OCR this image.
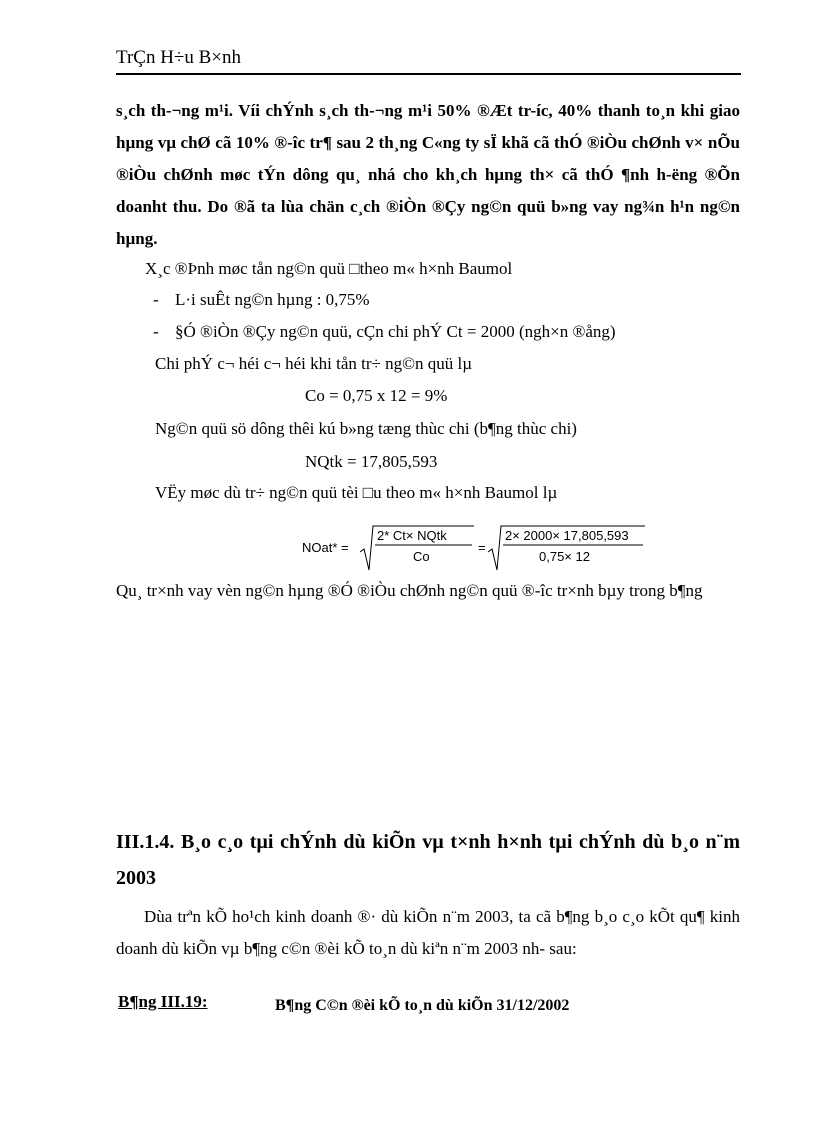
TrÇn H÷u B×nh

s¸ch th-¬ng m¹i. Víi chÝnh s¸ch th-¬ng m¹i 50% ®Æt tr-íc, 40% thanh to¸n khi giao hµng vµ chØ cã 10% ®-îc tr¶ sau 2 th¸ng C«ng ty sÏ khã cã thÓ ®iÒu chØnh v× nÕu ®iÒu chØnh møc tÝn dông qu¸ nhá cho kh¸ch hµng th× cã thÓ ¶nh h-ëng ®Õn doanht thu. Do ®ã ta lùa chän c¸ch ®iÒn ®Çy ng©n quü b»ng vay ng¾n h¹n ng©n hµng.

X¸c ®Þnh møc tån ng©n quü □theo m« h×nh Baumol
- L·i suÊt ng©n hµng : 0,75%
- §Ó ®iÒn ®Çy ng©n quü, cÇn chi phÝ Ct = 2000 (ngh×n ®ång)
Chi phÝ c¬ héi c¬ héi khi tån tr÷ ng©n quü lµ
Co = 0,75 x 12 = 9%
Ng©n quü sö dông thêi kú b»ng tæng thùc chi (b¶ng thùc chi)
NQtk = 17,805,593
VËy møc dù tr÷ ng©n quü tèi □u theo m« h×nh Baumol lµ
NOat* =
2* Ct× NQtk
Co
=
2× 2000× 17,805,593
0,75× 12

Qu¸ tr×nh vay vèn ng©n hµng ®Ó ®iÒu chØnh ng©n quü ®-îc tr×nh bµy trong b¶ng

III.1.4. B¸o c¸o tµi chÝnh dù kiÕn vµ t×nh h×nh tµi chÝnh dù b¸o n¨m 2003

Dùa trªn kÕ ho¹ch kinh doanh ®· dù kiÕn n¨m 2003, ta cã b¶ng b¸o c¸o kÕt qu¶ kinh doanh dù kiÕn vµ b¶ng c©n ®èi kÕ to¸n dù kiªn n¨m 2003 nh- sau:

B¶ng III.19:	B¶ng C©n ®èi kÕ to¸n dù kiÕn 31/12/2002
